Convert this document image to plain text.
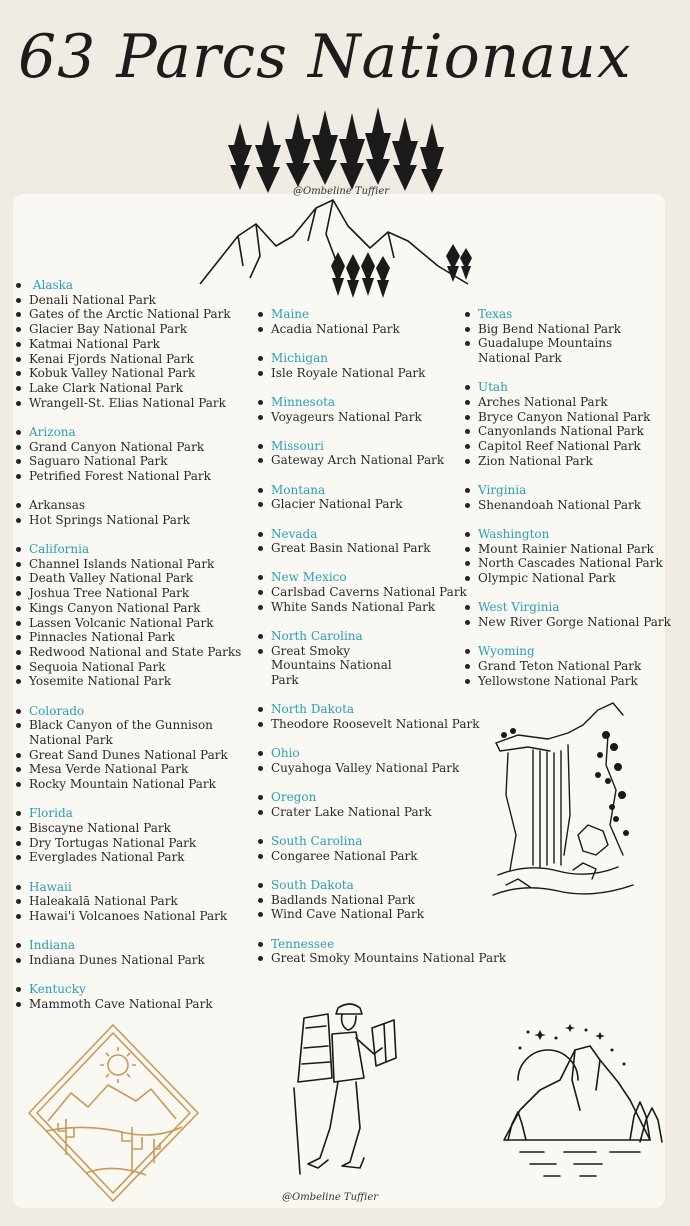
63 Parcs Nationaux
@Ombeline Tuffier
Alaska
Denali National Park
Gates of the Arctic National Park
Glacier Bay National Park
Katmai National Park
Kenai Fjords National Park
Kobuk Valley National Park
Lake Clark National Park
Wrangell-St. Elias National Park
Arizona
Grand Canyon National Park
Saguaro National Park
Petrified Forest National Park
Arkansas
Hot Springs National Park
California
Channel Islands National Park
Death Valley National Park
Joshua Tree National Park
Kings Canyon National Park
Lassen Volcanic National Park
Pinnacles National Park
Redwood National and State Parks
Sequoia National Park
Yosemite National Park
Colorado
Black Canyon of the Gunnison National Park
Great Sand Dunes National Park
Mesa Verde National Park
Rocky Mountain National Park
Florida
Biscayne National Park
Dry Tortugas National Park
Everglades National Park
Hawaii
Haleakalā National Park
Hawai'i Volcanoes National Park
Indiana
Indiana Dunes National Park
Kentucky
Mammoth Cave National Park
Maine
Acadia National Park
Michigan
Isle Royale National Park
Minnesota
Voyageurs National Park
Missouri
Gateway Arch National Park
Montana
Glacier National Park
Nevada
Great Basin National Park
New Mexico
Carlsbad Caverns National Park
White Sands National Park
North Carolina
Great Smoky Mountains National Park
North Dakota
Theodore Roosevelt National Park
Ohio
Cuyahoga Valley National Park
Oregon
Crater Lake National Park
South Carolina
Congaree National Park
South Dakota
Badlands National Park
Wind Cave National Park
Tennessee
Great Smoky Mountains National Park
Texas
Big Bend National Park
Guadalupe Mountains National Park
Utah
Arches National Park
Bryce Canyon National Park
Canyonlands National Park
Capitol Reef National Park
Zion National Park
Virginia
Shenandoah National Park
Washington
Mount Rainier National Park
North Cascades National Park
Olympic National Park
West Virginia
New River Gorge National Park
Wyoming
Grand Teton National Park
Yellowstone National Park
@Ombeline Tuffier
